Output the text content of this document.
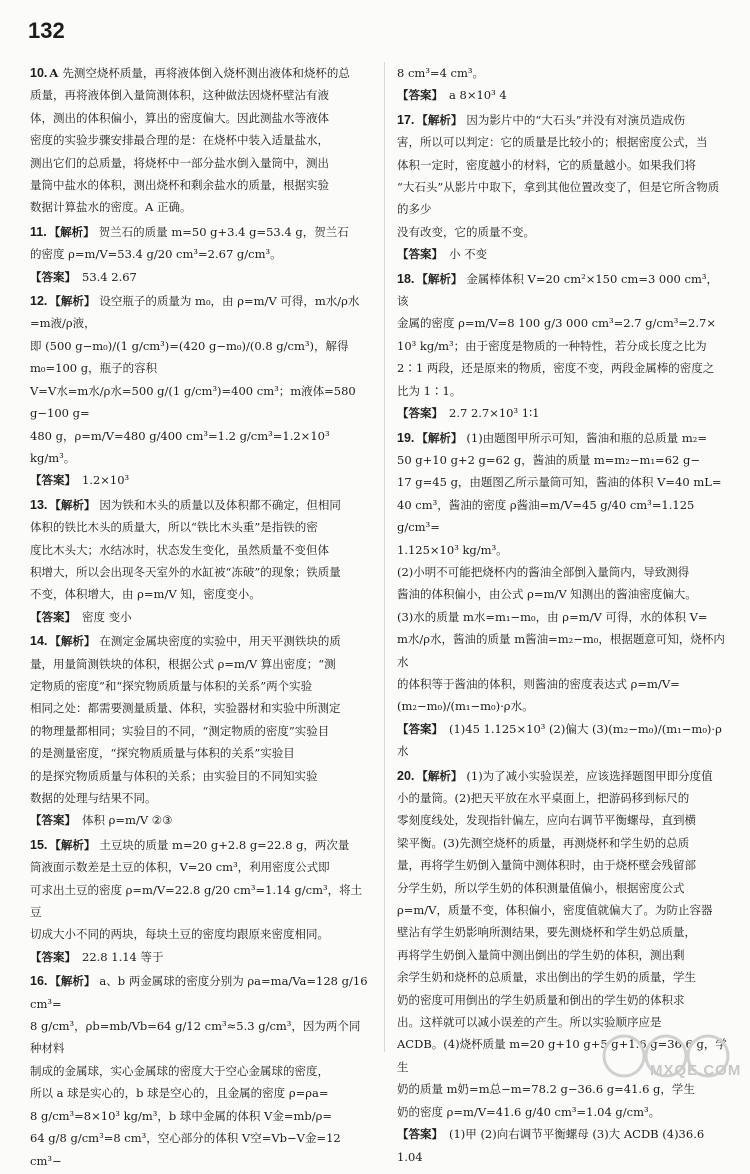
132
10. A 先测空烧杯质量，再将液体倒入烧杯测出液体和烧杯的总
质量，再将液体倒入量筒测体积，这种做法因烧杯壁沾有液
体，测出的体积偏小，算出的密度偏大。因此测盐水等液体
密度的实验步骤安排最合理的是：在烧杯中装入适量盐水，
测出它们的总质量，将烧杯中一部分盐水倒入量筒中，测出
量筒中盐水的体积，测出烧杯和剩余盐水的质量，根据实验
数据计算盐水的密度。A 正确。
11. 【解析】 贺兰石的质量 m=50 g+3.4 g=53.4 g，贺兰石
的密度 ρ=m/V=53.4 g/20 cm³=2.67 g/cm³。
【答案】 53.4 2.67
12. 【解析】 设空瓶子的质量为 m₀，由 ρ=m/V 可得，m水/ρ水=m液/ρ液，
即 (500 g−m₀)/(1 g/cm³)=(420 g−m₀)/(0.8 g/cm³)，解得 m₀=100 g，瓶子的容积
V=V水=m水/ρ水=500 g/(1 g/cm³)=400 cm³；m液体=580 g−100 g=
480 g，ρ=m/V=480 g/400 cm³=1.2 g/cm³=1.2×10³ kg/m³。
【答案】 1.2×10³
13. 【解析】 因为铁和木头的质量以及体积都不确定，但相同
体积的铁比木头的质量大，所以“铁比木头重”是指铁的密
度比木头大；水结冰时，状态发生变化，虽然质量不变但体
积增大，所以会出现冬天室外的水缸被“冻破”的现象；铁质量
不变，体积增大，由 ρ=m/V 知，密度变小。
【答案】 密度 变小
14. 【解析】 在测定金属块密度的实验中，用天平测铁块的质
量，用量筒测铁块的体积，根据公式 ρ=m/V 算出密度；“测
定物质的密度”和“探究物质质量与体积的关系”两个实验
相同之处：都需要测量质量、体积，实验器材和实验中所测定
的物理量都相同；实验目的不同，“测定物质的密度”实验目
的是测量密度，“探究物质质量与体积的关系”实验目
的是探究物质质量与体积的关系；由实验目的不同知实验
数据的处理与结果不同。
【答案】 体积 ρ=m/V ②③
15. 【解析】 土豆块的质量 m=20 g+2.8 g=22.8 g，两次量
筒液面示数差是土豆的体积，V=20 cm³，利用密度公式即
可求出土豆的密度 ρ=m/V=22.8 g/20 cm³=1.14 g/cm³，将土豆
切成大小不同的两块，每块土豆的密度均跟原来密度相同。
【答案】 22.8 1.14 等于
16. 【解析】 a、b 两金属球的密度分别为 ρa=ma/Va=128 g/16 cm³=
8 g/cm³，ρb=mb/Vb=64 g/12 cm³≈5.3 g/cm³，因为两个同种材料
制成的金属球，实心金属球的密度大于空心金属球的密度，
所以 a 球是实心的，b 球是空心的，且金属的密度 ρ=ρa=
8 g/cm³=8×10³ kg/m³，b 球中金属的体积 V金=mb/ρ=
64 g/8 g/cm³=8 cm³，空心部分的体积 V空=Vb−V金=12 cm³−
8 cm³=4 cm³。
【答案】 a 8×10³ 4
17. 【解析】 因为影片中的“大石头”并没有对演员造成伤
害，所以可以判定：它的质量是比较小的；根据密度公式，当
体积一定时，密度越小的材料，它的质量越小。如果我们将
“大石头”从影片中取下，拿到其他位置改变了，但是它所含物质的多少
没有改变，它的质量不变。
【答案】 小 不变
18. 【解析】 金属棒体积 V=20 cm²×150 cm=3 000 cm³，该
金属的密度 ρ=m/V=8 100 g/3 000 cm³=2.7 g/cm³=2.7×
10³ kg/m³；由于密度是物质的一种特性，若分成长度之比为
2∶1 两段，还是原来的物质，密度不变，两段金属棒的密度之
比为 1∶1。
【答案】 2.7 2.7×10³ 1∶1
19. 【解析】 (1)由题图甲所示可知，酱油和瓶的总质量 m₂=
50 g+10 g+2 g=62 g，酱油的质量 m=m₂−m₁=62 g−
17 g=45 g，由题图乙所示量筒可知，酱油的体积 V=40 mL=
40 cm³，酱油的密度 ρ酱油=m/V=45 g/40 cm³=1.125 g/cm³=
1.125×10³ kg/m³。
(2)小明不可能把烧杯内的酱油全部倒入量筒内，导致测得
酱油的体积偏小，由公式 ρ=m/V 知测出的酱油密度偏大。
(3)水的质量 m水=m₁−m₀，由 ρ=m/V 可得，水的体积 V=
m水/ρ水，酱油的质量 m酱油=m₂−m₀，根据题意可知，烧杯内水
的体积等于酱油的体积，则酱油的密度表达式 ρ=m/V=
(m₂−m₀)/(m₁−m₀)·ρ水。
【答案】 (1)45 1.125×10³ (2)偏大 (3)(m₂−m₀)/(m₁−m₀)·ρ水
20. 【解析】 (1)为了减小实验误差，应该选择题图甲即分度值
小的量筒。(2)把天平放在水平桌面上，把游码移到标尺的
零刻度线处，发现指针偏左，应向右调节平衡螺母，直到横
梁平衡。(3)先测空烧杯的质量，再测烧杯和学生奶的总质
量，再将学生奶倒入量筒中测体积时，由于烧杯壁会残留部
分学生奶，所以学生奶的体积测量值偏小，根据密度公式
ρ=m/V，质量不变，体积偏小，密度值就偏大了。为防止容器
壁沾有学生奶影响所测结果，要先测烧杯和学生奶总质量，
再将学生奶倒入量筒中测出倒出的学生奶的体积，测出剩
余学生奶和烧杯的总质量，求出倒出的学生奶的质量，学生
奶的密度可用倒出的学生奶质量和倒出的学生奶的体积求
出。这样就可以减小误差的产生。所以实验顺序应是
ACDB。(4)烧杯质量 m=20 g+10 g+5 g+1.6 g=36.6 g，学生
奶的质量 m奶=m总−m=78.2 g−36.6 g=41.6 g，学生
奶的密度 ρ=m/V=41.6 g/40 cm³=1.04 g/cm³。
【答案】 (1)甲 (2)向右调节平衡螺母 (3)大 ACDB (4)36.6 1.04
MXQE.COM
